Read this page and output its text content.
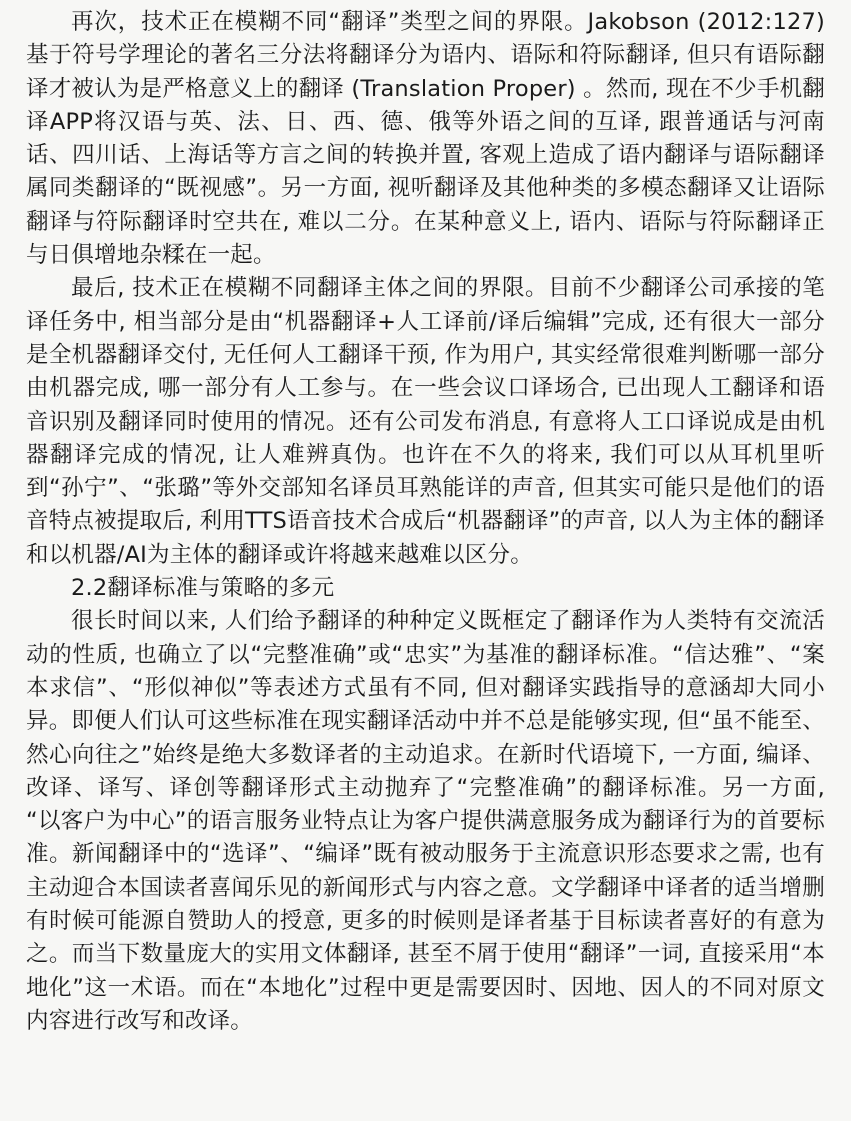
再次，技术正在模糊不同“翻译”类型之间的界限。Jakobson (2012:127) 基于符号学理论的著名三分法将翻译分为语内、语际和符际翻译, 但只有语际翻译才被认为是严格意义上的翻译 (Translation Proper) 。然而, 现在不少手机翻译APP将汉语与英、法、日、西、德、俄等外语之间的互译, 跟普通话与河南话、四川话、上海话等方言之间的转换并置, 客观上造成了语内翻译与语际翻译属同类翻译的“既视感”。另一方面, 视听翻译及其他种类的多模态翻译又让语际翻译与符际翻译时空共在, 难以二分。在某种意义上, 语内、语际与符际翻译正与日俱增地杂糅在一起。

最后, 技术正在模糊不同翻译主体之间的界限。目前不少翻译公司承接的笔译任务中, 相当部分是由“机器翻译+人工译前/译后编辑”完成, 还有很大一部分是全机器翻译交付, 无任何人工翻译干预, 作为用户, 其实经常很难判断哪一部分由机器完成, 哪一部分有人工参与。在一些会议口译场合, 已出现人工翻译和语音识别及翻译同时使用的情况。还有公司发布消息, 有意将人工口译说成是由机器翻译完成的情况, 让人难辨真伪。也许在不久的将来, 我们可以从耳机里听到“孙宁”、“张璐”等外交部知名译员耳熟能详的声音, 但其实可能只是他们的语音特点被提取后, 利用TTS语音技术合成后“机器翻译”的声音, 以人为主体的翻译和以机器/AI为主体的翻译或许将越来越难以区分。

2.2翻译标准与策略的多元

很长时间以来, 人们给予翻译的种种定义既框定了翻译作为人类特有交流活动的性质, 也确立了以“完整准确”或“忠实”为基准的翻译标准。“信达雅”、“案本求信”、“形似神似”等表述方式虽有不同, 但对翻译实践指导的意涵却大同小异。即便人们认可这些标准在现实翻译活动中并不总是能够实现, 但“虽不能至、然心向往之”始终是绝大多数译者的主动追求。在新时代语境下, 一方面, 编译、改译、译写、译创等翻译形式主动抛弃了“完整准确”的翻译标准。另一方面, “以客户为中心”的语言服务业特点让为客户提供满意服务成为翻译行为的首要标准。新闻翻译中的“选译”、“编译”既有被动服务于主流意识形态要求之需, 也有主动迎合本国读者喜闻乐见的新闻形式与内容之意。文学翻译中译者的适当增删有时候可能源自赞助人的授意, 更多的时候则是译者基于目标读者喜好的有意为之。而当下数量庞大的实用文体翻译, 甚至不屑于使用“翻译”一词, 直接采用“本地化”这一术语。而在“本地化”过程中更是需要因时、因地、因人的不同对原文内容进行改写和改译。
